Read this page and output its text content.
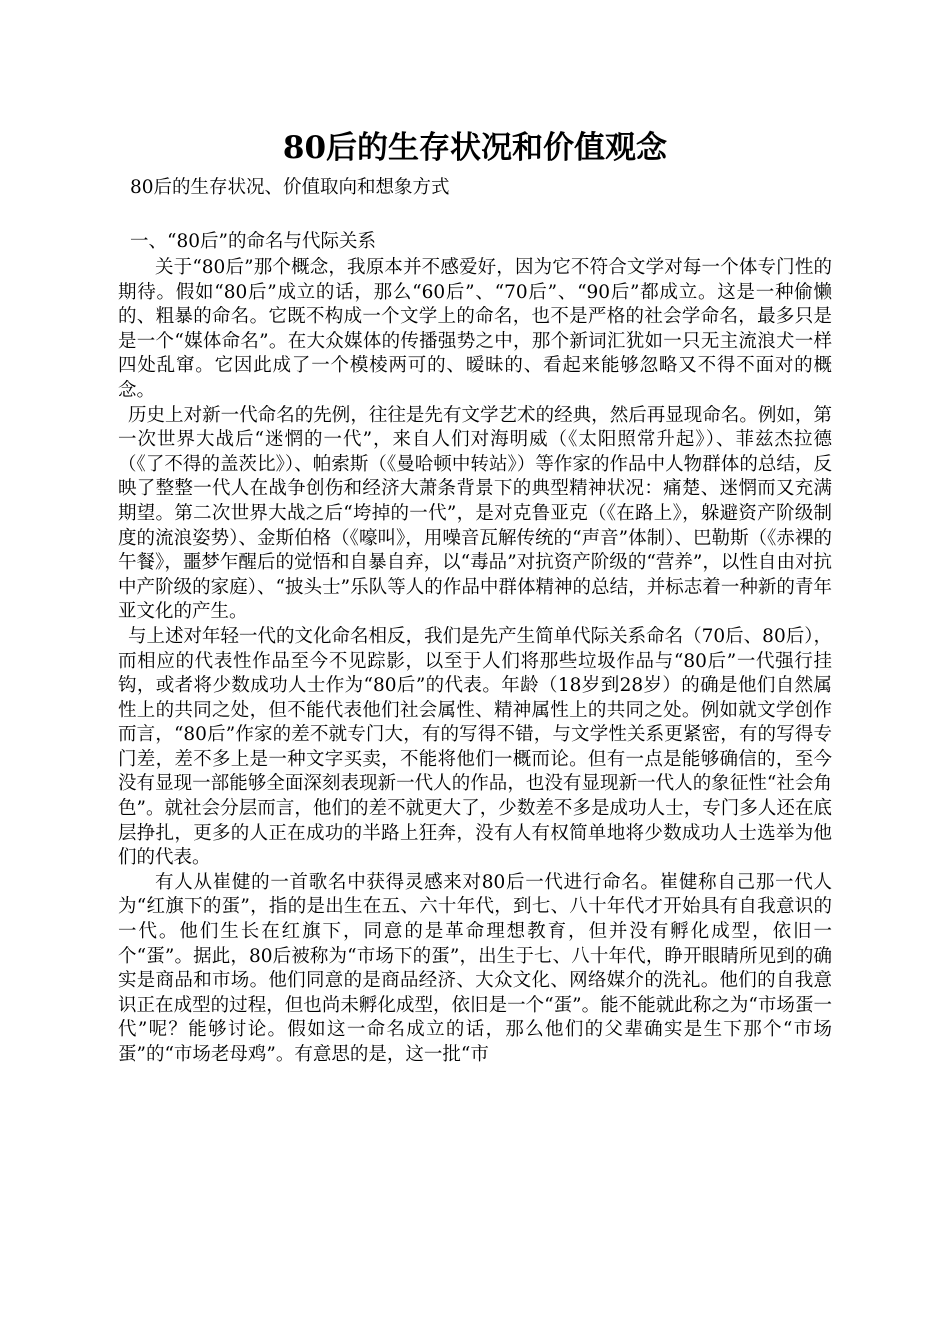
80后的生存状况和价值观念
80后的生存状况、价值取向和想象方式
一、“80后”的命名与代际关系

关于“80后”那个概念，我原本并不感爱好，因为它不符合文学对每一个体专门性的期待。假如“80后”成立的话，那么“60后”、“70后”、“90后”都成立。这是一种偷懒的、粗暴的命名。它既不构成一个文学上的命名，也不是严格的社会学命名，最多只是是一个“媒体命名”。在大众媒体的传播强势之中，那个新词汇犹如一只无主流浪犬一样四处乱窜。它因此成了一个模棱两可的、暧昧的、看起来能够忽略又不得不面对的概念。

历史上对新一代命名的先例，往往是先有文学艺术的经典，然后再显现命名。例如，第一次世界大战后“迷惘的一代”，来自人们对海明威（《太阳照常升起》）、菲兹杰拉德（《了不得的盖茨比》）、帕索斯（《曼哈顿中转站》）等作家的作品中人物群体的总结，反映了整整一代人在战争创伤和经济大萧条背景下的典型精神状况：痛楚、迷惘而又充满期望。第二次世界大战之后“垮掉的一代”，是对克鲁亚克（《在路上》，躲避资产阶级制度的流浪姿势）、金斯伯格（《嚎叫》，用噪音瓦解传统的“声音”体制）、巴勒斯（《赤裸的午餐》，噩梦乍醒后的觉悟和自暴自弃，以“毒品”对抗资产阶级的“营养”，以性自由对抗中产阶级的家庭）、“披头士”乐队等人的作品中群体精神的总结，并标志着一种新的青年亚文化的产生。

与上述对年轻一代的文化命名相反，我们是先产生简单代际关系命名（70后、80后），而相应的代表性作品至今不见踪影，以至于人们将那些垃圾作品与“80后”一代强行挂钩，或者将少数成功人士作为“80后”的代表。年龄（18岁到28岁）的确是他们自然属性上的共同之处，但不能代表他们社会属性、精神属性上的共同之处。例如就文学创作而言，“80后”作家的差不就专门大，有的写得不错，与文学性关系更紧密，有的写得专门差，差不多上是一种文字买卖，不能将他们一概而论。但有一点是能够确信的，至今没有显现一部能够全面深刻表现新一代人的作品，也没有显现新一代人的象征性“社会角色”。就社会分层而言，他们的差不就更大了，少数差不多是成功人士，专门多人还在底层挣扎，更多的人正在成功的半路上狂奔，没有人有权简单地将少数成功人士选举为他们的代表。

有人从崔健的一首歌名中获得灵感来对80后一代进行命名。崔健称自己那一代人为“红旗下的蛋”，指的是出生在五、六十年代，到七、八十年代才开始具有自我意识的一代。他们生长在红旗下，同意的是革命理想教育，但并没有孵化成型，依旧一个“蛋”。据此，80后被称为“市场下的蛋”，出生于七、八十年代，睁开眼睛所见到的确实是商品和市场。他们同意的是商品经济、大众文化、网络媒介的洗礼。他们的自我意识正在成型的过程，但也尚未孵化成型，依旧是一个“蛋”。能不能就此称之为“市场蛋一代”呢？能够讨论。假如这一命名成立的话，那么他们的父辈确实是生下那个“市场蛋”的“市场老母鸡”。有意思的是，这一批“市
